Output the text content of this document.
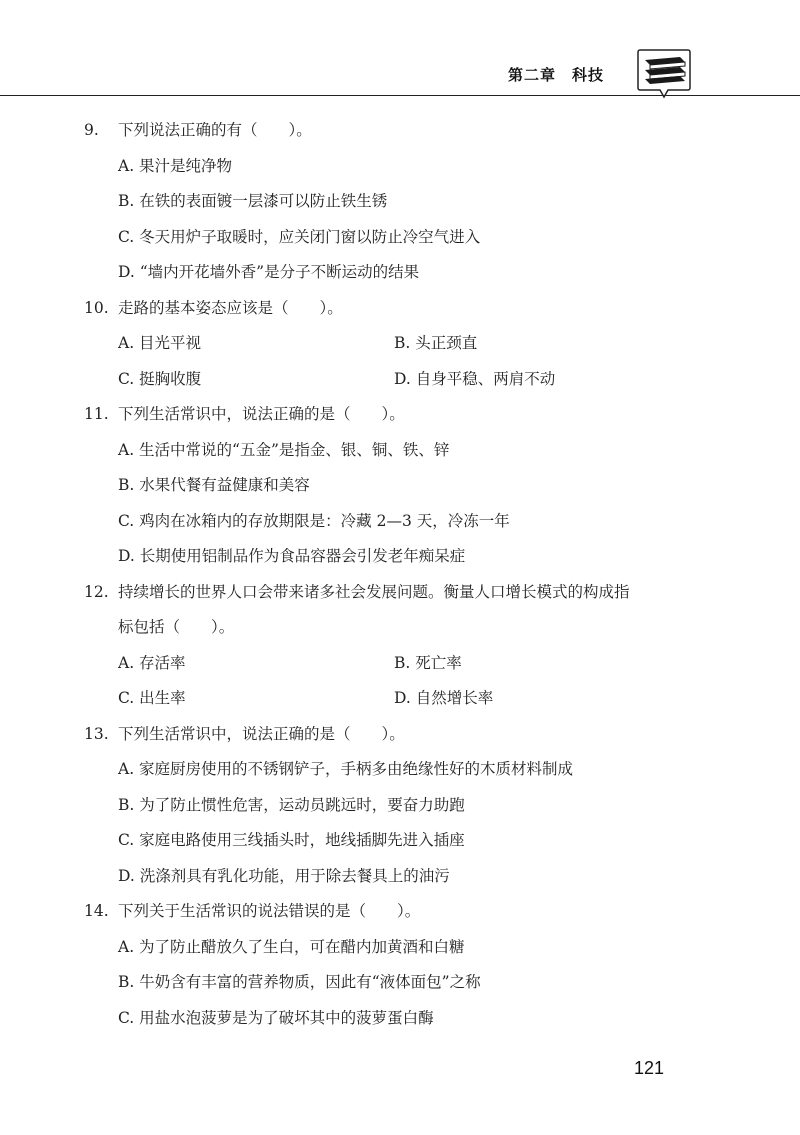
第二章　科技
9. 下列说法正确的有（　　）。
A. 果汁是纯净物
B. 在铁的表面镀一层漆可以防止铁生锈
C. 冬天用炉子取暖时，应关闭门窗以防止冷空气进入
D. “墙内开花墙外香”是分子不断运动的结果
10. 走路的基本姿态应该是（　　）。
A. 目光平视	B. 头正颈直
C. 挺胸收腹	D. 自身平稳、两肩不动
11. 下列生活常识中，说法正确的是（　　）。
A. 生活中常说的“五金”是指金、银、铜、铁、锌
B. 水果代餐有益健康和美容
C. 鸡肉在冰箱内的存放期限是：冷藏 2—3 天，冷冻一年
D. 长期使用铝制品作为食品容器会引发老年痴呆症
12. 持续增长的世界人口会带来诸多社会发展问题。衡量人口增长模式的构成指
标包括（　　）。
A. 存活率	B. 死亡率
C. 出生率	D. 自然增长率
13. 下列生活常识中，说法正确的是（　　）。
A. 家庭厨房使用的不锈钢铲子，手柄多由绝缘性好的木质材料制成
B. 为了防止惯性危害，运动员跳远时，要奋力助跑
C. 家庭电路使用三线插头时，地线插脚先进入插座
D. 洗涤剂具有乳化功能，用于除去餐具上的油污
14. 下列关于生活常识的说法错误的是（　　）。
A. 为了防止醋放久了生白，可在醋内加黄酒和白糖
B. 牛奶含有丰富的营养物质，因此有“液体面包”之称
C. 用盐水泡菠萝是为了破坏其中的菠萝蛋白酶
121
